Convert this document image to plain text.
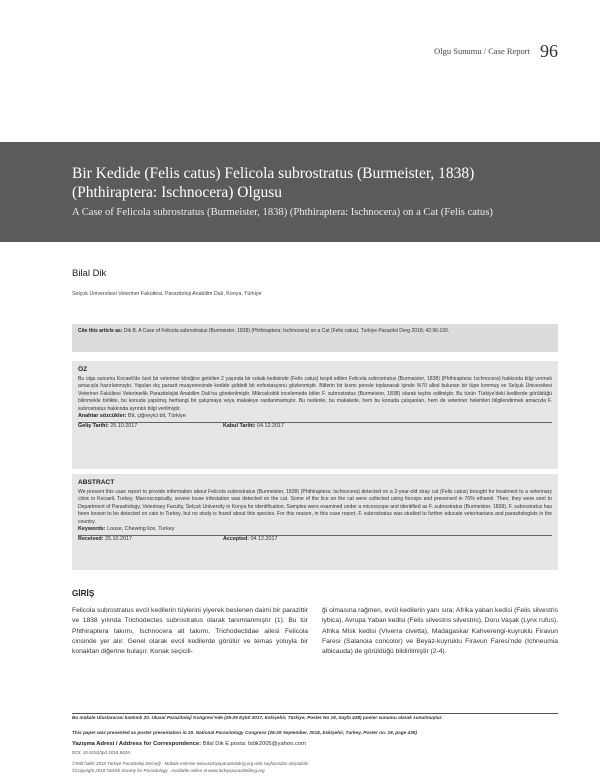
Olgu Sunumu / Case Report 96
Bir Kedide (Felis catus) Felicola subrostratus (Burmeister, 1838) (Phthiraptera: Ischnocera) Olgusu
A Case of Felicola subrostratus (Burmeister, 1838) (Phthiraptera: Ischnocera) on a Cat (Felis catus)
Bilal Dik
Selçuk Üniversitesi Veteriner Fakültesi, Parazitoloji Anabilim Dalı, Konya, Türkiye
Cite this article as: Dik B. A Case of Felicola subrostratus (Burmeister, 1838) (Phthiraptera: Ischnocera) on a Cat (Felis catus). Turkiye Parazitol Derg 2018; 42:96-100.
ÖZ
Bu olgu sunumu Kocaeli'de özel bir veteriner kliniğine getirilen 2 yaşında bir sokak kedisinde (Felis catus) tespit edilen Felicola subrostratus (Burmeister, 1838) (Phthiraptera: Ischnocera) hakkında bilgi vermek amacıyla hazırlanmıştır. Yapılan dış parazit muayenesinde kedide şiddetli bit enfestasyonu gözlenmiştir. Bitlerin bir kısmı pensle toplanarak içinde %70 alkol bulunan bir tüpe konmuş ve Selçuk Üniversitesi Veteriner Fakültesi Veterinerlik Parazitolojisi Anabilim Dalı'na gönderilmiştir. Mikroskobik incelemede bitler F. subrostratus (Burmeister, 1838) olarak teşhis edilmiştir. Bu türün Türkiye'deki kedilerde görüldüğü bilinmekle birlikte, bu konuda yapılmış herhangi bir çalışmaya veya makaleye rastlanmamıştır. Bu nedenle, bu makalede, hem bu konuda çalışanları, hem de veteriner hekimleri bilgilendirmek amacıyla F. subrostratus hakkında ayrıntılı bilgi verilmiştir.
Anahtar sözcükler: Bit, çiğneyici bit, Türkiye
Geliş Tarihi: 25.10.2017	Kabul Tarihi: 04.12.2017
ABSTRACT
We present this case report to provide information about Felicola subrostratus (Burmeister, 1838) (Phthiraptera: Ischnocera) detected on a 2-year-old stray cat (Felis catus) brought for treatment to a veterinary clinic in Kocaeli, Turkey. Macroscopically, severe louse infestation was detected on the cat. Some of the lice on the cat were collected using forceps and preserved in 70% ethanol. Then, they were sent to Department of Parasitology, Veterinary Faculty, Selçuk University in Konya for identification. Samples were examined under a microscope and identified as F. subrostratus (Burmeister, 1838). F. subrostratus has been known to be detected on cats in Turkey, but no study is found about this species. For this reason, in this case report, F. subrostratus was studied to further educate veterinarians and parasitologists in the country.
Keywords: Louse, Chewing lice, Turkey
Received: 25.10.2017	Accepted: 04.12.2017
GİRİŞ
Felicola subrostratus evcil kedilerin tüylerini yiyerek beslenen daimi bir parazittir ve 1838 yılında Trichodectes subrostratus olarak tanımlanmıştır (1). Bu tür Phthiraptera takımı, Ischnocera alt takımı, Trichodectidae ailesi Felicola cinsinde yer alır. Genel olarak evcil kedilerde görülür ve temas yoluyla bir konaktan diğerine bulaşır. Konak seçicili-
ği olmasına rağmen, evcil kedilerin yanı sıra; Afrika yaban kedisi (Felis silvestris lybica), Avrupa Yaban kedisi (Felis silvestris silvestris), Doru Vaşak (Lynx rufus), Afrika Misk kedisi (Viverra civetta), Madagaskar Kahverengi-kuyruklu Firavun Faresi (Salanoia concolor) ve Beyaz-kuyruklu Firavun Faresi'nde (Ichneumia albicauda) de görüldüğü bildirilmiştir (2-4).
Bu makale Uluslararası katılımlı 20. Ulusal Parazitoloji Kongresi'nde (25-29 Eylül 2017, Eskişehir, Türkiye, Poster No 18, Sayfa 438) poster sunumu olarak sunulmuştur.
This paper was presented as poster presentation in 20. National Parasitology Congress (25-29 September, 2018, Eskişehir, Turkey, Poster no. 18, page 438)
Yazışma Adresi / Address for Correspondence: Bilal Dik E.posta: bdik2005@yahoo.com
DOI: 10.5152/tpd.2018.5634
©Telif hakkı 2018 Türkiye Parazitoloji Derneği - Makale metnine www.turkiyeparazitolderg.org web sayfasından ulaşılabilir.
©Copyright 2018 Turkish Society for Parasitology - Available online at www.turkiyeparazitolderg.org
